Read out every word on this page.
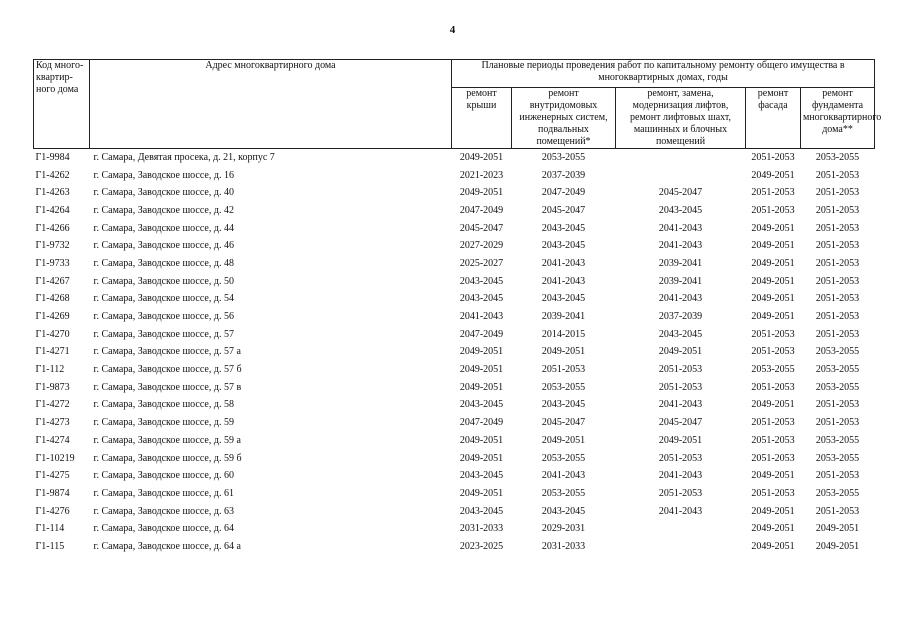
4
Код много-квартир-ного дома	Адрес многоквартирного дома	Плановые периоды проведения работ по капитальному ремонту общего имущества в многоквартирных домах, годы				
		ремонт крыши	ремонт внутридомовых инженерных систем, подвальных помещений*	ремонт, замена, модернизация лифтов, ремонт лифтовых шахт, машинных и блочных помещений	ремонт фасада	ремонт фундамента многоквартирного дома**
Г1-9984	г. Самара, Девятая просека, д. 21, корпус 7	2049-2051	2053-2055		2051-2053	2053-2055
Г1-4262	г. Самара, Заводское шоссе, д. 16	2021-2023	2037-2039		2049-2051	2051-2053
Г1-4263	г. Самара, Заводское шоссе, д. 40	2049-2051	2047-2049	2045-2047	2051-2053	2051-2053
Г1-4264	г. Самара, Заводское шоссе, д. 42	2047-2049	2045-2047	2043-2045	2051-2053	2051-2053
Г1-4266	г. Самара, Заводское шоссе, д. 44	2045-2047	2043-2045	2041-2043	2049-2051	2051-2053
Г1-9732	г. Самара, Заводское шоссе, д. 46	2027-2029	2043-2045	2041-2043	2049-2051	2051-2053
Г1-9733	г. Самара, Заводское шоссе, д. 48	2025-2027	2041-2043	2039-2041	2049-2051	2051-2053
Г1-4267	г. Самара, Заводское шоссе, д. 50	2043-2045	2041-2043	2039-2041	2049-2051	2051-2053
Г1-4268	г. Самара, Заводское шоссе, д. 54	2043-2045	2043-2045	2041-2043	2049-2051	2051-2053
Г1-4269	г. Самара, Заводское шоссе, д. 56	2041-2043	2039-2041	2037-2039	2049-2051	2051-2053
Г1-4270	г. Самара, Заводское шоссе, д. 57	2047-2049	2014-2015	2043-2045	2051-2053	2051-2053
Г1-4271	г. Самара, Заводское шоссе, д. 57 а	2049-2051	2049-2051	2049-2051	2051-2053	2053-2055
Г1-112	г. Самара, Заводское шоссе, д. 57 б	2049-2051	2051-2053	2051-2053	2053-2055	2053-2055
Г1-9873	г. Самара, Заводское шоссе, д. 57 в	2049-2051	2053-2055	2051-2053	2051-2053	2053-2055
Г1-4272	г. Самара, Заводское шоссе, д. 58	2043-2045	2043-2045	2041-2043	2049-2051	2051-2053
Г1-4273	г. Самара, Заводское шоссе, д. 59	2047-2049	2045-2047	2045-2047	2051-2053	2051-2053
Г1-4274	г. Самара, Заводское шоссе, д. 59 а	2049-2051	2049-2051	2049-2051	2051-2053	2053-2055
Г1-10219	г. Самара, Заводское шоссе, д. 59 б	2049-2051	2053-2055	2051-2053	2051-2053	2053-2055
Г1-4275	г. Самара, Заводское шоссе, д. 60	2043-2045	2041-2043	2041-2043	2049-2051	2051-2053
Г1-9874	г. Самара, Заводское шоссе, д. 61	2049-2051	2053-2055	2051-2053	2051-2053	2053-2055
Г1-4276	г. Самара, Заводское шоссе, д. 63	2043-2045	2043-2045	2041-2043	2049-2051	2051-2053
Г1-114	г. Самара, Заводское шоссе, д. 64	2031-2033	2029-2031		2049-2051	2049-2051
Г1-115	г. Самара, Заводское шоссе, д. 64 а	2023-2025	2031-2033		2049-2051	2049-2051
